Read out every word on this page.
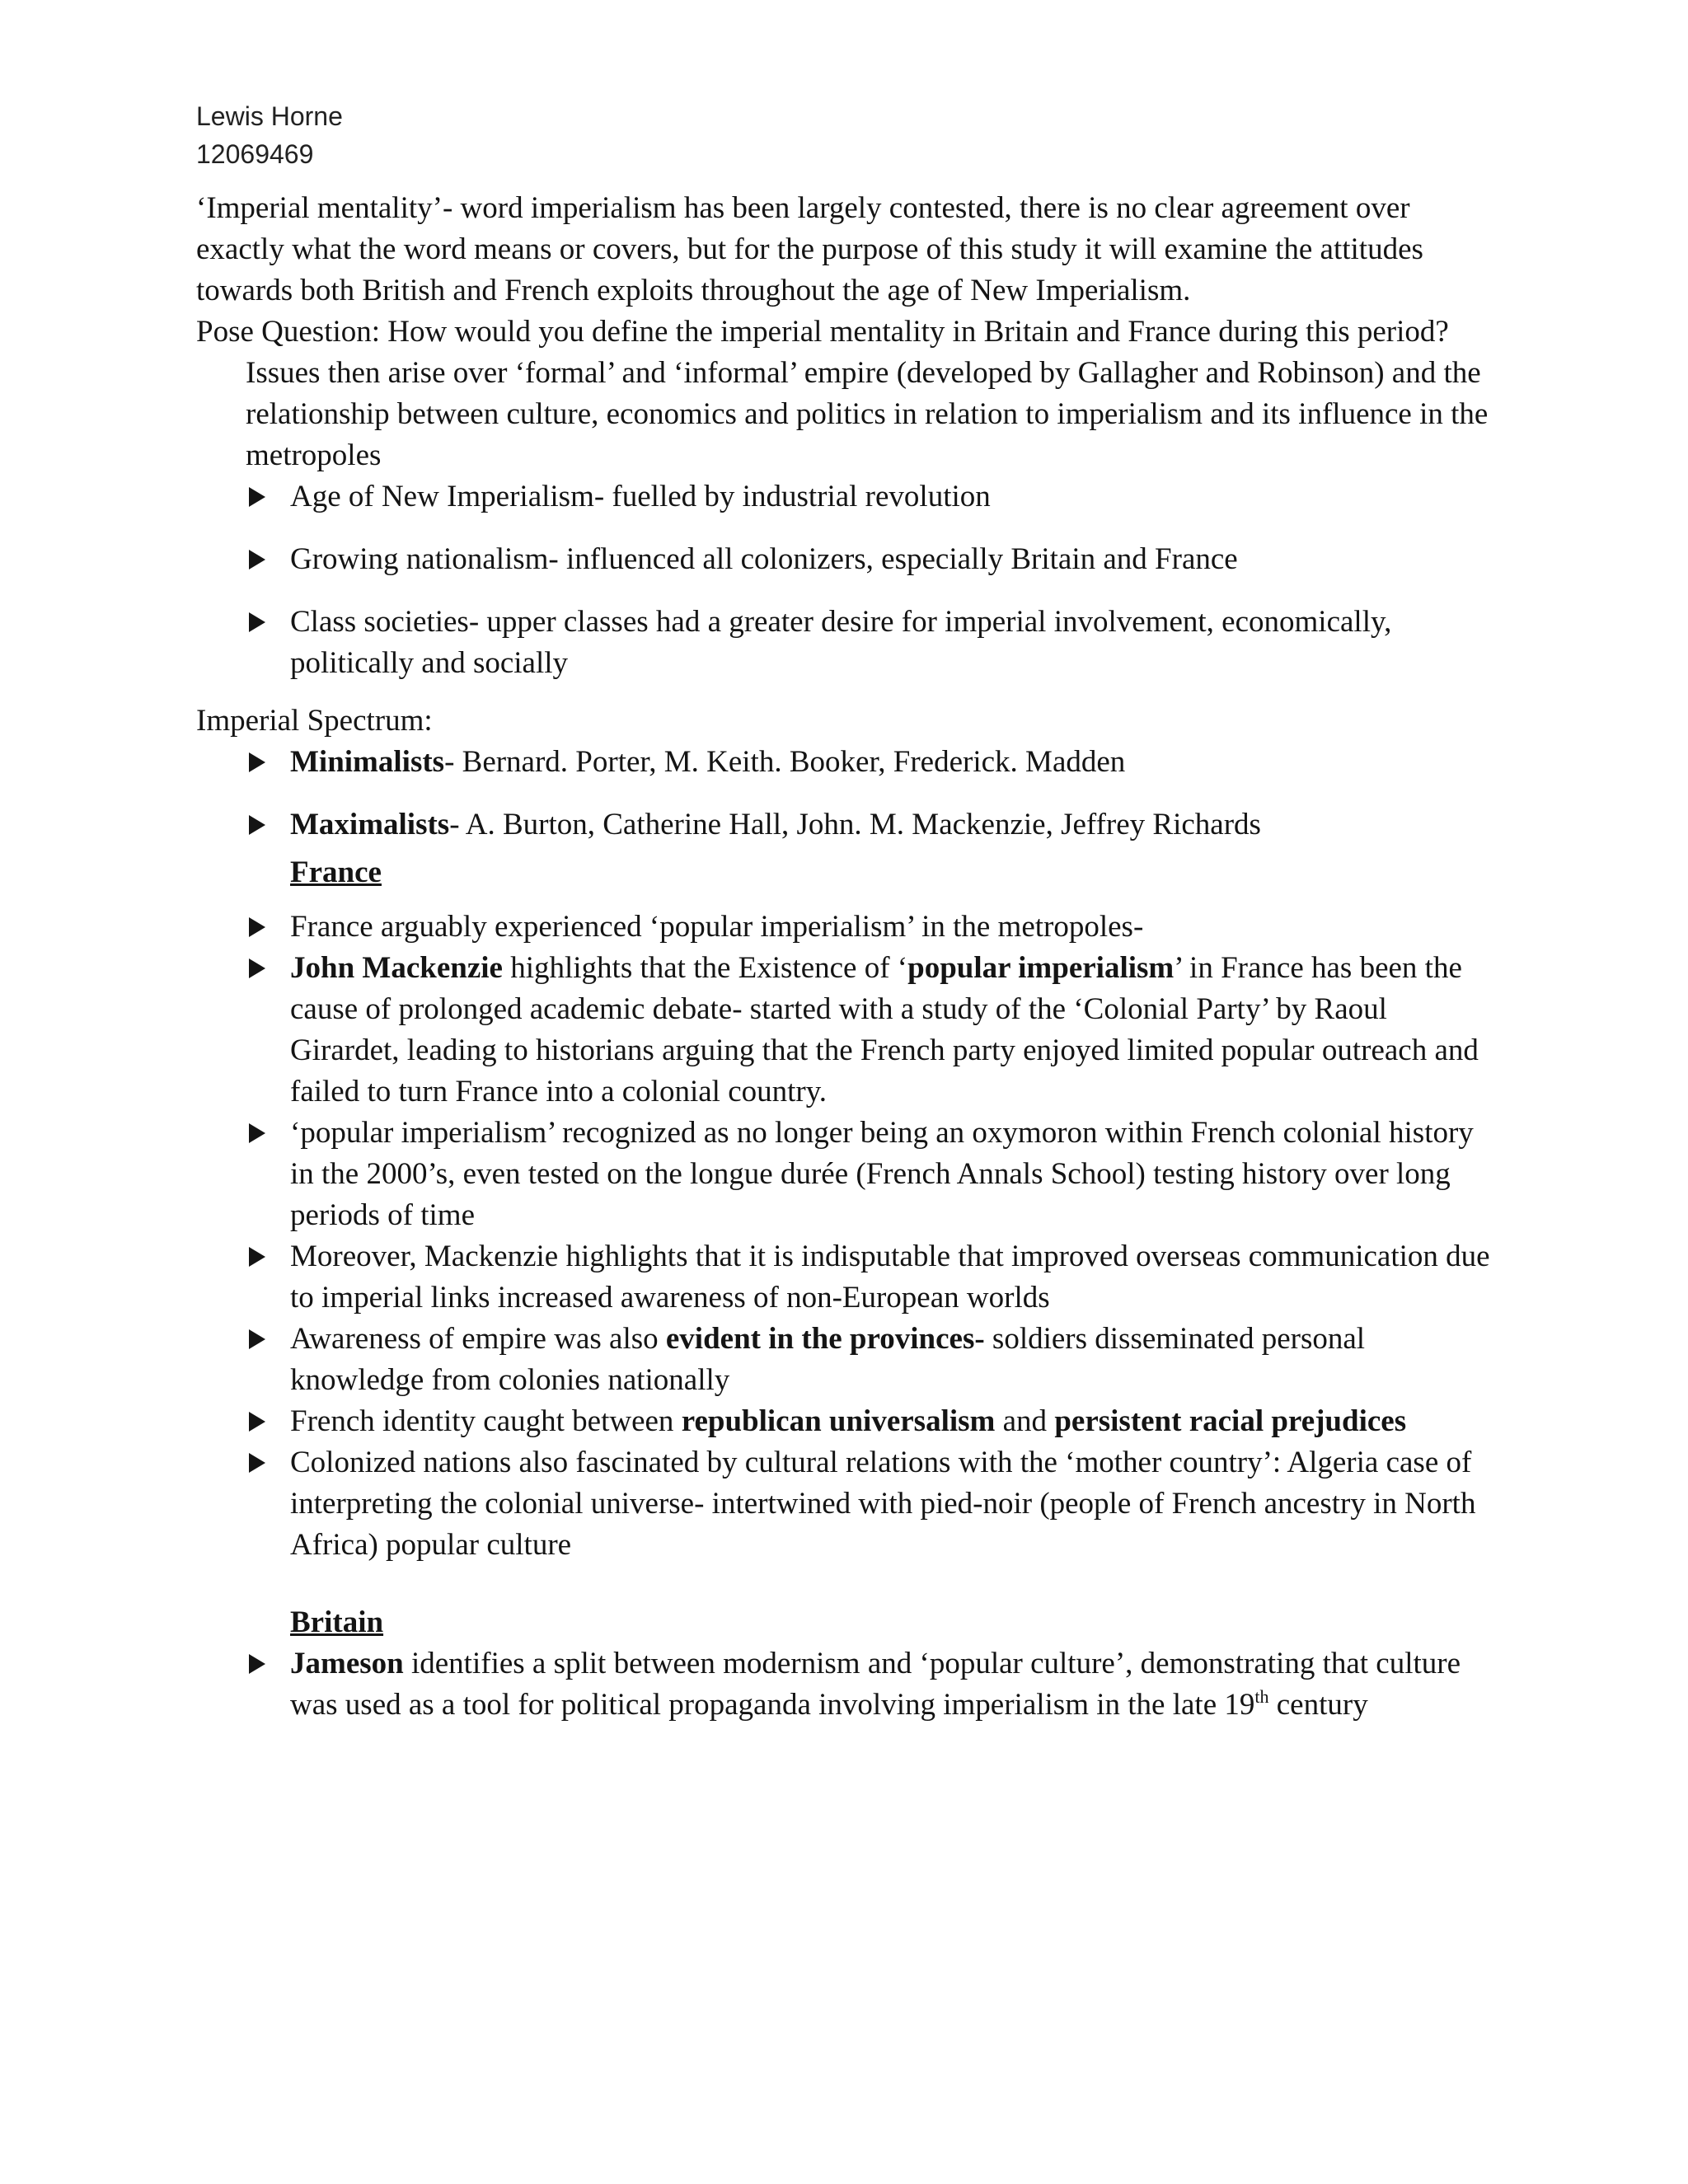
Lewis Horne
12069469

‘Imperial mentality’- word imperialism has been largely contested, there is no clear agreement over exactly what the word means or covers, but for the purpose of this study it will examine the attitudes towards both British and French exploits throughout the age of New Imperialism.

Pose Question: How would you define the imperial mentality in Britain and France during this period?

Issues then arise over ‘formal’ and ‘informal’ empire (developed by Gallagher and Robinson) and the relationship between culture, economics and politics in relation to imperialism and its influence in the metropoles

Age of New Imperialism- fuelled by industrial revolution
Growing nationalism- influenced all colonizers, especially Britain and France
Class societies- upper classes had a greater desire for imperial involvement, economically, politically and socially

Imperial Spectrum:

Minimalists- Bernard. Porter, M. Keith. Booker, Frederick. Madden
Maximalists- A. Burton, Catherine Hall, John. M. Mackenzie, Jeffrey Richards
France
France arguably experienced ‘popular imperialism’ in the metropoles-
John Mackenzie highlights that the Existence of ‘popular imperialism’ in France has been the cause of prolonged academic debate- started with a study of the ‘Colonial Party’ by Raoul Girardet, leading to historians arguing that the French party enjoyed limited popular outreach and failed to turn France into a colonial country.
‘popular imperialism’ recognized as no longer being an oxymoron within French colonial history in the 2000’s, even tested on the longue durée (French Annals School) testing history over long periods of time
Moreover, Mackenzie highlights that it is indisputable that improved overseas communication due to imperial links increased awareness of non-European worlds
Awareness of empire was also evident in the provinces- soldiers disseminated personal knowledge from colonies nationally
French identity caught between republican universalism and persistent racial prejudices
Colonized nations also fascinated by cultural relations with the ‘mother country’: Algeria case of interpreting the colonial universe- intertwined with pied-noir (people of French ancestry in North Africa) popular culture
Britain
Jameson identifies a split between modernism and ‘popular culture’, demonstrating that culture was used as a tool for political propaganda involving imperialism in the late 19th century
